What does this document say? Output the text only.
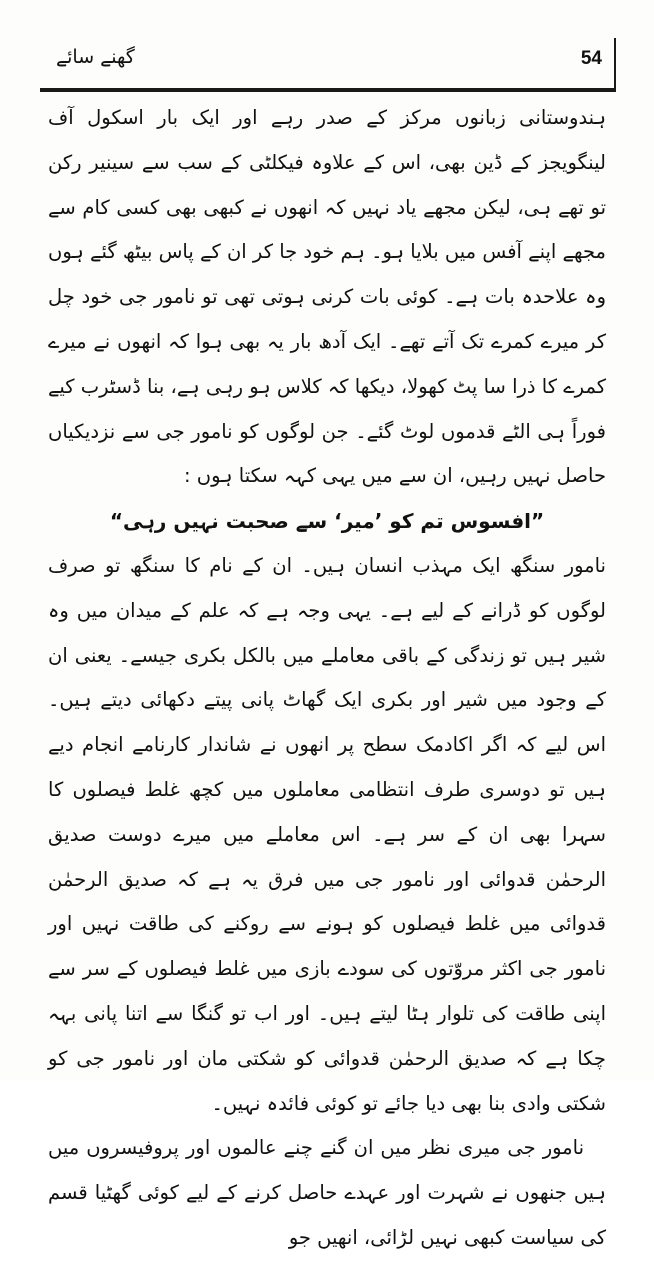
54
گھنے سائے

ہندوستانی زبانوں مرکز کے صدر رہے اور ایک بار اسکول آف لینگویجز کے ڈین بھی، اس کے علاوہ فیکلٹی کے سب سے سینیر رکن تو تھے ہی، لیکن مجھے یاد نہیں کہ انھوں نے کبھی بھی کسی کام سے مجھے اپنے آفس میں بلایا ہو۔ ہم خود جا کر ان کے پاس بیٹھ گئے ہوں وہ علاحدہ بات ہے۔ کوئی بات کرنی ہوتی تھی تو نامور جی خود چل کر میرے کمرے تک آتے تھے۔ ایک آدھ بار یہ بھی ہوا کہ انھوں نے میرے کمرے کا ذرا سا پٹ کھولا، دیکھا کہ کلاس ہو رہی ہے، بنا ڈسٹرب کیے فوراً ہی الٹے قدموں لوٹ گئے۔ جن لوگوں کو نامور جی سے نزدیکیاں حاصل نہیں رہیں، ان سے میں یہی کہہ سکتا ہوں :

”افسوس تم کو ’میر‘ سے صحبت نہیں رہی“

نامور سنگھ ایک مہذب انسان ہیں۔ ان کے نام کا سنگھ تو صرف لوگوں کو ڈرانے کے لیے ہے۔ یہی وجہ ہے کہ علم کے میدان میں وہ شیر ہیں تو زندگی کے باقی معاملے میں بالکل بکری جیسے۔ یعنی ان کے وجود میں شیر اور بکری ایک گھاٹ پانی پیتے دکھائی دیتے ہیں۔ اس لیے کہ اگر اکادمک سطح پر انھوں نے شاندار کارنامے انجام دیے ہیں تو دوسری طرف انتظامی معاملوں میں کچھ غلط فیصلوں کا سہرا بھی ان کے سر ہے۔ اس معاملے میں میرے دوست صدیق الرحمٰن قدوائی اور نامور جی میں فرق یہ ہے کہ صدیق الرحمٰن قدوائی میں غلط فیصلوں کو ہونے سے روکنے کی طاقت نہیں اور نامور جی اکثر مروّتوں کی سودے بازی میں غلط فیصلوں کے سر سے اپنی طاقت کی تلوار ہٹا لیتے ہیں۔ اور اب تو گنگا سے اتنا پانی بہہ چکا ہے کہ صدیق الرحمٰن قدوائی کو شکتی مان اور نامور جی کو شکتی وادی بنا بھی دیا جائے تو کوئی فائدہ نہیں۔

نامور جی میری نظر میں ان گنے چنے عالموں اور پروفیسروں میں ہیں جنھوں نے شہرت اور عہدے حاصل کرنے کے لیے کوئی گھٹیا قسم کی سیاست کبھی نہیں لڑائی، انھیں جو
